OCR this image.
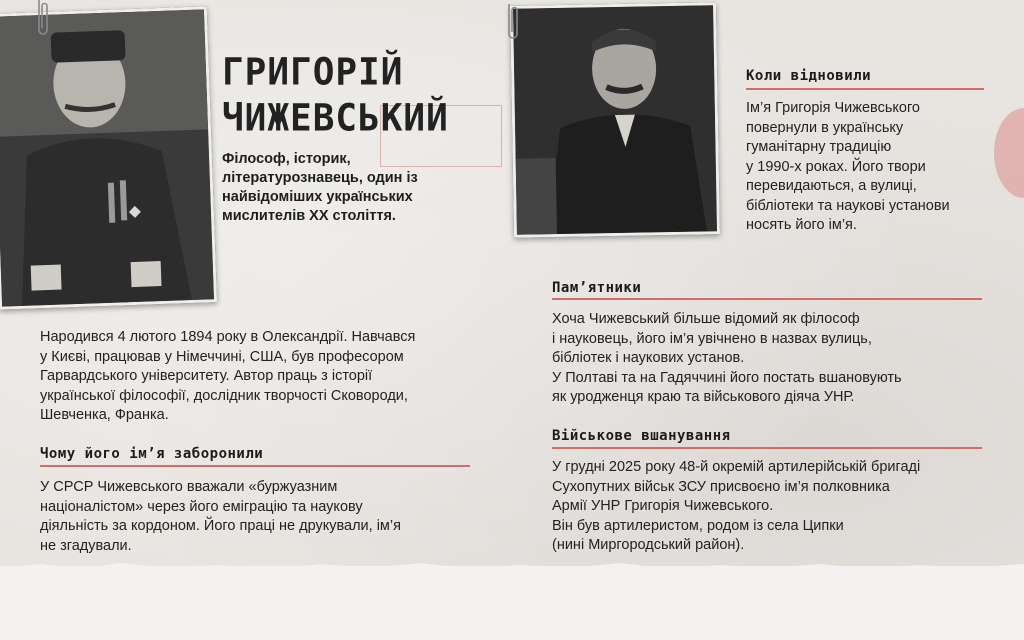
ГРИГОРІЙ
ЧИЖЕВСЬКИЙ
Філософ, історик, літературознавець, один із найвідоміших українських мислителів XX століття.
Народився 4 лютого 1894 року в Олександрії. Навчався
у Києві, працював у Німеччині, США, був професором
Гарвардського університету. Автор праць з історії
української філософії, дослідник творчості Сковороди,
Шевченка, Франка.
Чому його ім’я заборонили
У СРСР Чижевського вважали «буржуазним
націоналістом» через його еміграцію та наукову
діяльність за кордоном. Його праці не друкували, ім’я
не згадували.
Коли відновили
Ім’я Григорія Чижевського
повернули в українську
гуманітарну традицію
у 1990-х роках. Його твори
перевидаються, а вулиці,
бібліотеки та наукові установи
носять його ім’я.
Пам’ятники
Хоча Чижевський більше відомий як філософ
і науковець, його ім’я увічнено в назвах вулиць,
бібліотек і наукових установ.
У Полтаві та на Гадяччині його постать вшановують
як уродженця краю та військового діяча УНР.
Військове вшанування
У грудні 2025 року 48-й окремій артилерійській бригаді
Сухопутних військ ЗСУ присвоєно ім’я полковника
Армії УНР Григорія Чижевського.
Він був артилеристом, родом із села Ципки
(нині Миргородський район).
